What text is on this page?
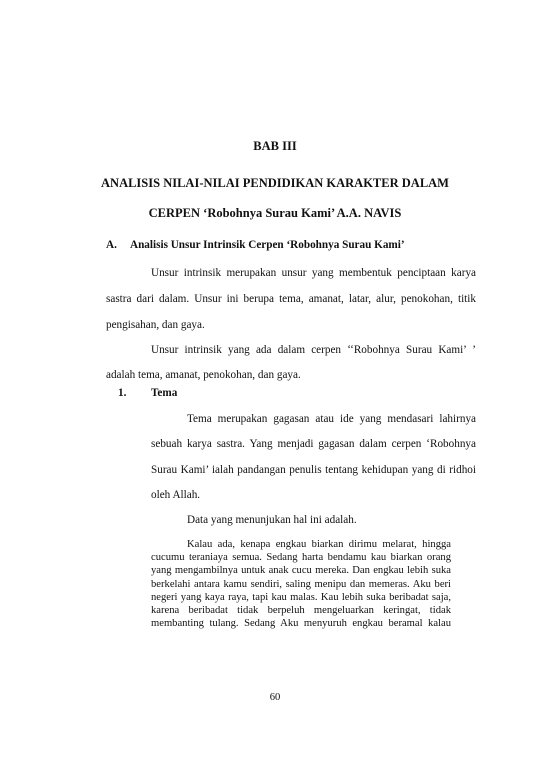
BAB III
ANALISIS NILAI-NILAI PENDIDIKAN KARAKTER DALAM
CERPEN ‘Robohnya Surau Kami’ A.A. NAVIS
A. Analisis Unsur Intrinsik Cerpen ‘Robohnya Surau Kami’
Unsur intrinsik merupakan unsur yang membentuk penciptaan karya
sastra dari dalam. Unsur ini berupa tema, amanat, latar, alur, penokohan, titik
pengisahan, dan gaya.
Unsur intrinsik yang ada dalam cerpen ‘‘Robohnya Surau Kami’ ’
adalah tema, amanat, penokohan, dan gaya.
1. Tema
Tema merupakan gagasan atau ide yang mendasari lahirnya
sebuah karya sastra. Yang menjadi gagasan dalam cerpen ‘Robohnya
Surau Kami’ ialah pandangan penulis tentang kehidupan yang di ridhoi
oleh Allah.
Data yang menunjukan hal ini adalah.
Kalau ada, kenapa engkau biarkan dirimu melarat, hingga
cucumu teraniaya semua. Sedang harta bendamu kau biarkan orang
yang mengambilnya untuk anak cucu mereka. Dan engkau lebih suka
berkelahi antara kamu sendiri, saling menipu dan memeras. Aku beri
negeri yang kaya raya, tapi kau malas. Kau lebih suka beribadat saja,
karena beribadat tidak berpeluh mengeluarkan keringat, tidak
membanting tulang. Sedang Aku menyuruh engkau beramal kalau
60
